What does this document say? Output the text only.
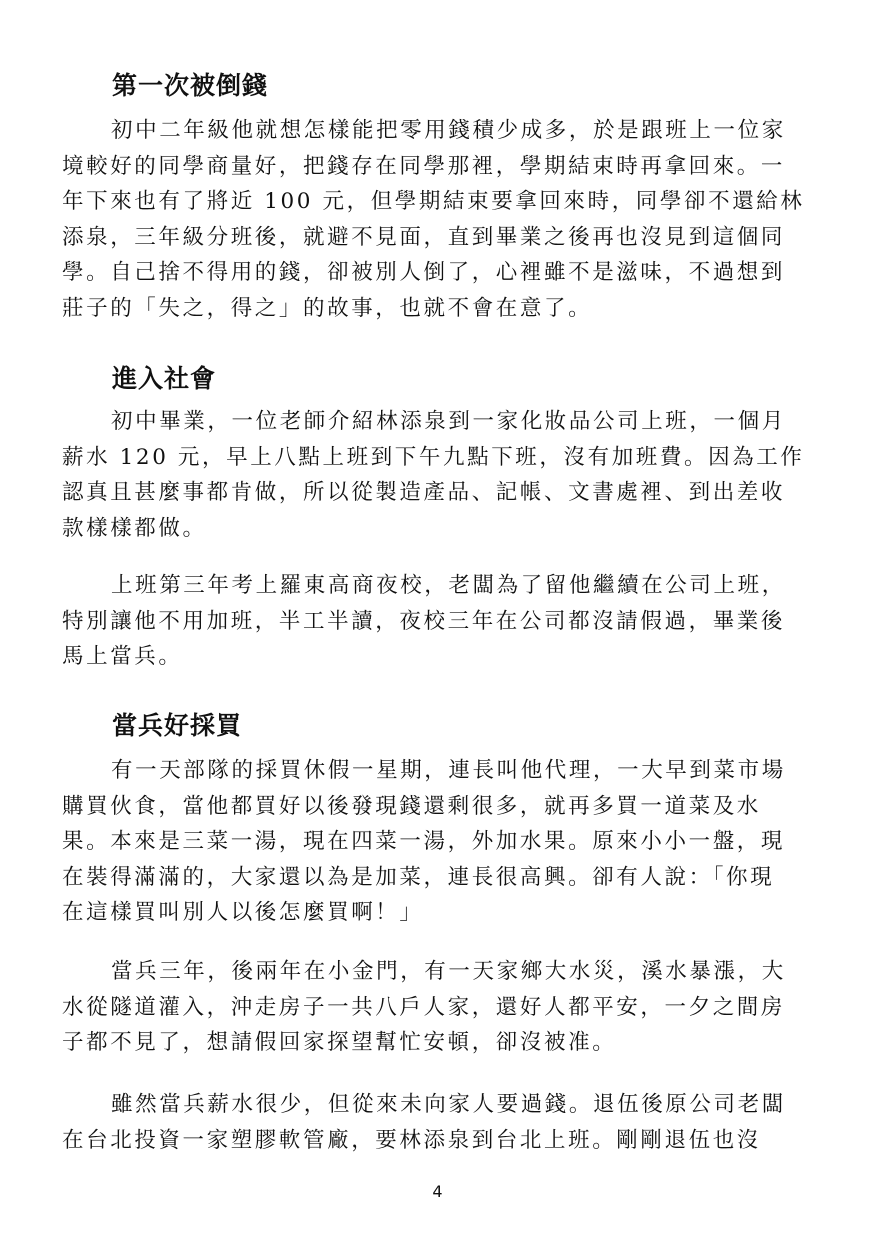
第一次被倒錢
初中二年級他就想怎樣能把零用錢積少成多，於是跟班上一位家
境較好的同學商量好，把錢存在同學那裡，學期結束時再拿回來。一
年下來也有了將近 100 元，但學期結束要拿回來時，同學卻不還給林
添泉，三年級分班後，就避不見面，直到畢業之後再也沒見到這個同
學。自己捨不得用的錢，卻被別人倒了，心裡雖不是滋味，不過想到
莊子的「失之，得之」的故事，也就不會在意了。
進入社會
初中畢業，一位老師介紹林添泉到一家化妝品公司上班，一個月
薪水 120 元，早上八點上班到下午九點下班，沒有加班費。因為工作
認真且甚麼事都肯做，所以從製造產品、記帳、文書處裡、到出差收
款樣樣都做。
上班第三年考上羅東高商夜校，老闆為了留他繼續在公司上班，
特別讓他不用加班，半工半讀，夜校三年在公司都沒請假過，畢業後
馬上當兵。
當兵好採買
有一天部隊的採買休假一星期，連長叫他代理，一大早到菜市場
購買伙食，當他都買好以後發現錢還剩很多，就再多買一道菜及水
果。本來是三菜一湯，現在四菜一湯，外加水果。原來小小一盤，現
在裝得滿滿的，大家還以為是加菜，連長很高興。卻有人說：「你現
在這樣買叫別人以後怎麼買啊！」
當兵三年，後兩年在小金門，有一天家鄉大水災，溪水暴漲，大
水從隧道灌入，沖走房子一共八戶人家，還好人都平安，一夕之間房
子都不見了，想請假回家探望幫忙安頓，卻沒被准。
雖然當兵薪水很少，但從來未向家人要過錢。退伍後原公司老闆
在台北投資一家塑膠軟管廠，要林添泉到台北上班。剛剛退伍也沒
4
